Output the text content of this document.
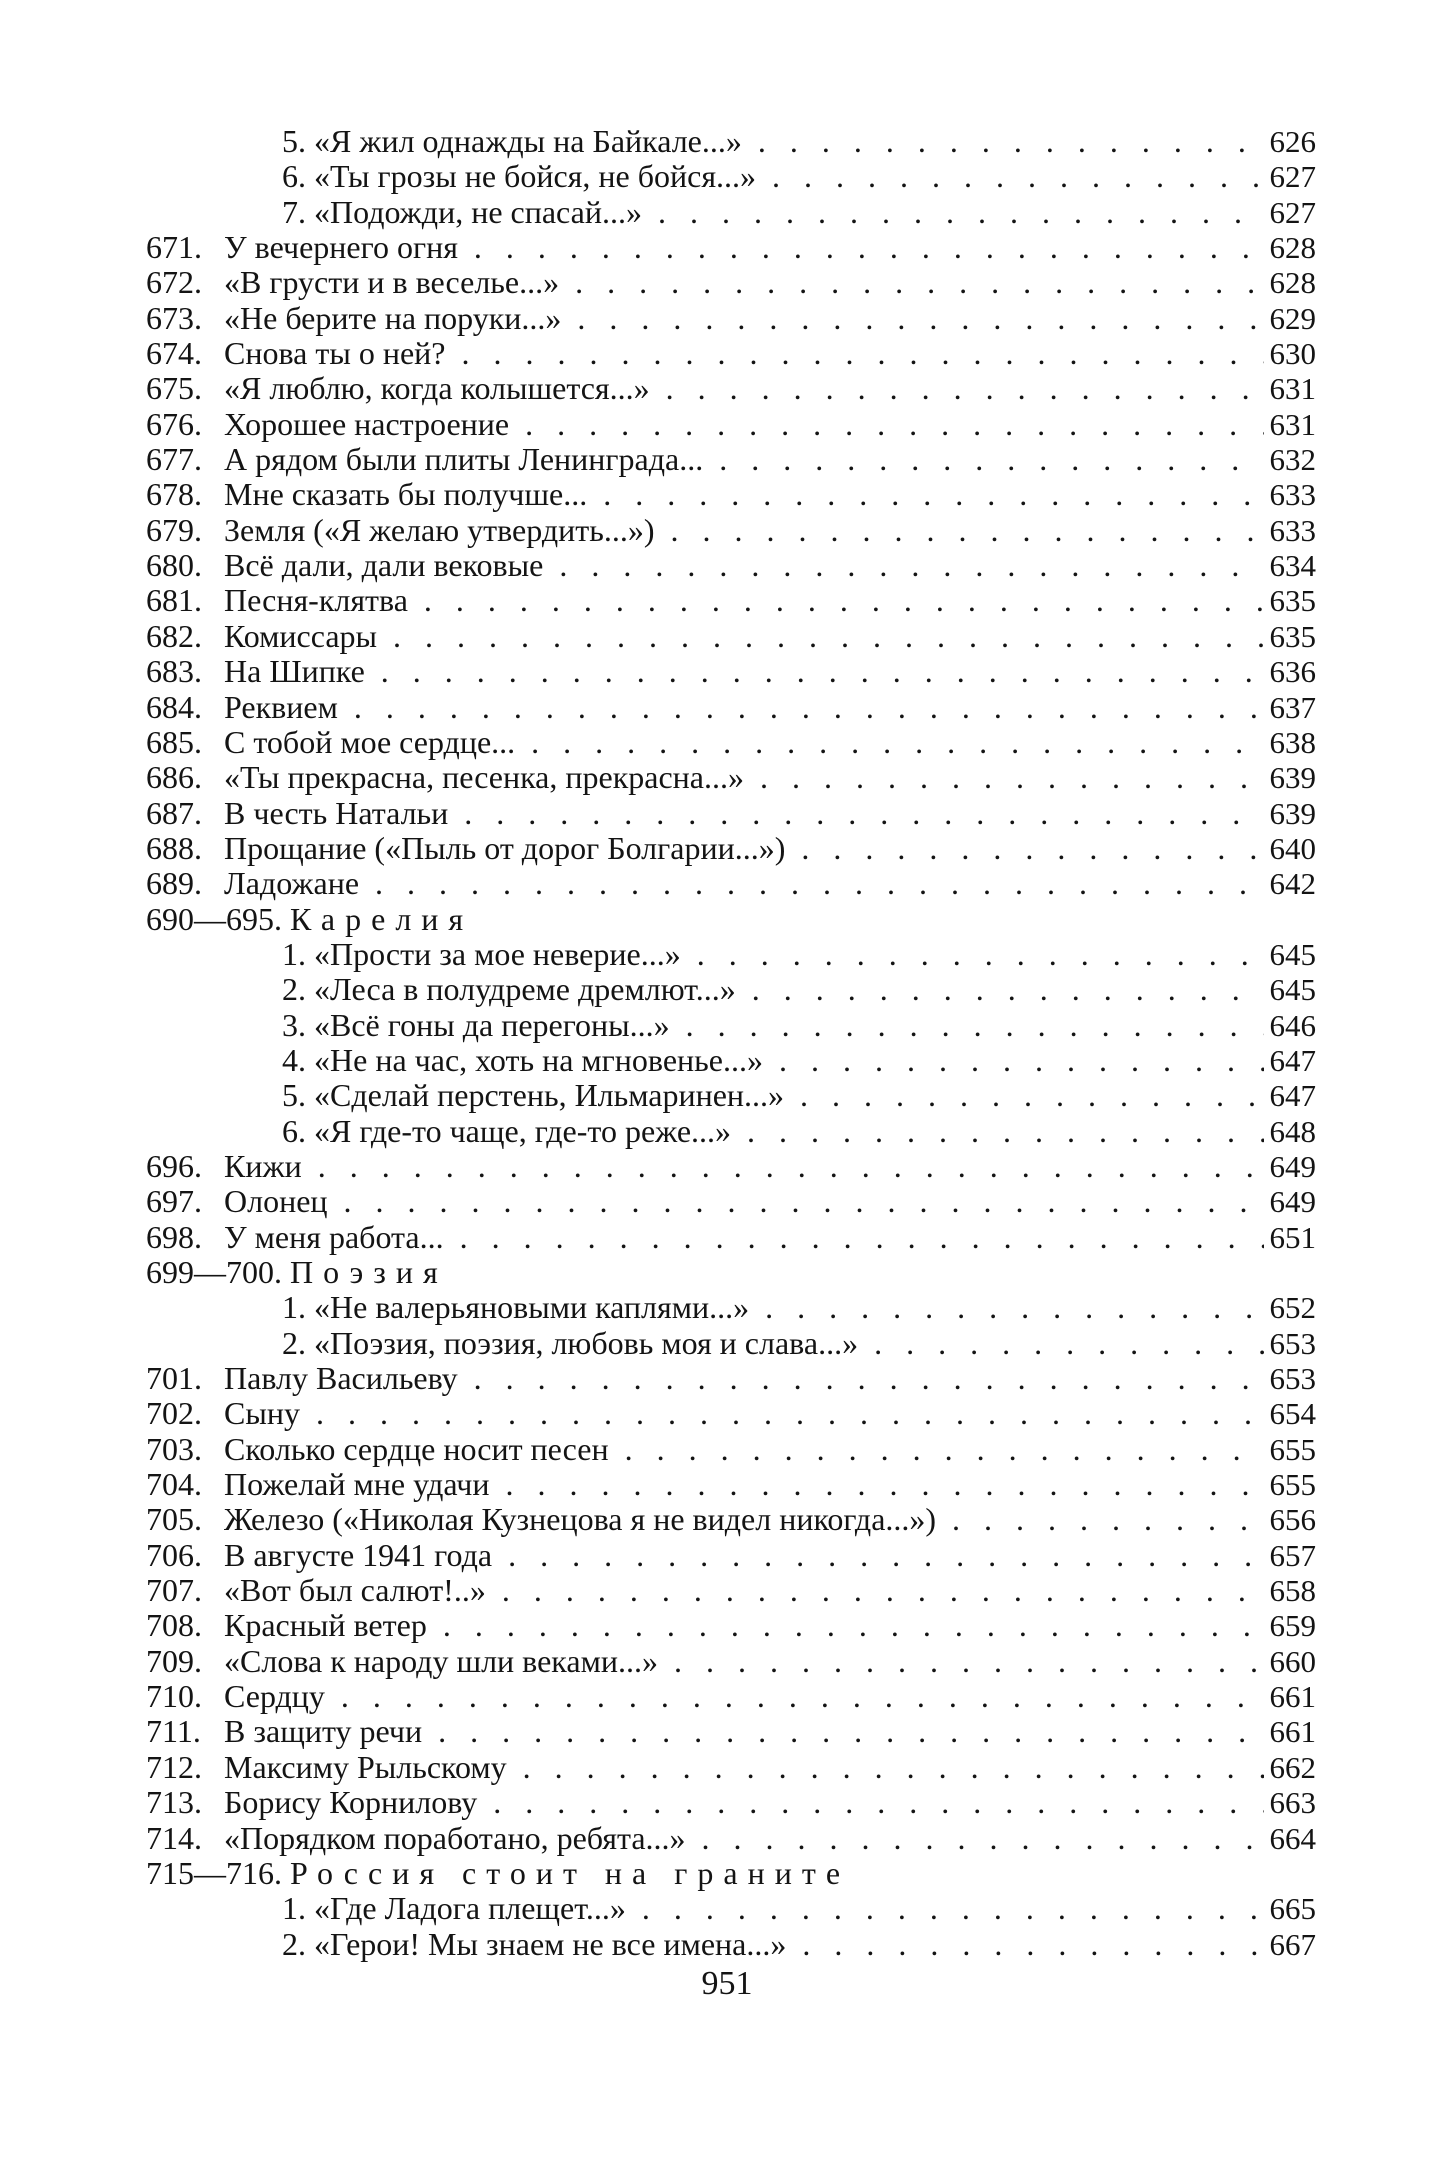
5. «Я жил однажды на Байкале...» . . .	626
6. «Ты грозы не бойся, не бойся...» . . .	627
7. «Подожди, не спасай...» . . .	627
671. У вечернего огня . . .	628
672. «В грусти и в веселье...» . . .	628
673. «Не берите на поруки...» . . .	629
674. Снова ты о ней? . . .	630
675. «Я люблю, когда колышется...» . . .	631
676. Хорошее настроение . . .	631
677. А рядом были плиты Ленинграда... . . .	632
678. Мне сказать бы получше... . . .	633
679. Земля («Я желаю утвердить...») . . .	633
680. Всё дали, дали вековые . . .	634
681. Песня-клятва . . .	635
682. Комиссары . . .	635
683. На Шипке . . .	636
684. Реквием . . .	637
685. С тобой мое сердце... . . .	638
686. «Ты прекрасна, песенка, прекрасна...» . . .	639
687. В честь Натальи . . .	639
688. Прощание («Пыль от дорог Болгарии...») . . .	640
689. Ладожане . . .	642
690—695. Карелия
1. «Прости за мое неверие...» . . .	645
2. «Леса в полудреме дремлют...» . . .	645
3. «Всё гоны да перегоны...» . . .	646
4. «Не на час, хоть на мгновенье...» . . .	647
5. «Сделай перстень, Ильмаринен...» . . .	647
6. «Я где-то чаще, где-то реже...» . . .	648
696. Кижи . . .	649
697. Олонец . . .	649
698. У меня работа... . . .	651
699—700. Поэзия
1. «Не валерьяновыми каплями...» . . .	652
2. «Поэзия, поэзия, любовь моя и слава...» . . .	653
701. Павлу Васильеву . . .	653
702. Сыну . . .	654
703. Сколько сердце носит песен . . .	655
704. Пожелай мне удачи . . .	655
705. Железо («Николая Кузнецова я не видел никогда...») . . .	656
706. В августе 1941 года . . .	657
707. «Вот был салют!..» . . .	658
708. Красный ветер . . .	659
709. «Слова к народу шли веками...» . . .	660
710. Сердцу . . .	661
711. В защиту речи . . .	661
712. Максиму Рыльскому . . .	662
713. Борису Корнилову . . .	663
714. «Порядком поработано, ребята...» . . .	664
715—716. Россия стоит на граните
1. «Где Ладога плещет...» . . .	665
2. «Герои! Мы знаем не все имена...» . . .	667
951
